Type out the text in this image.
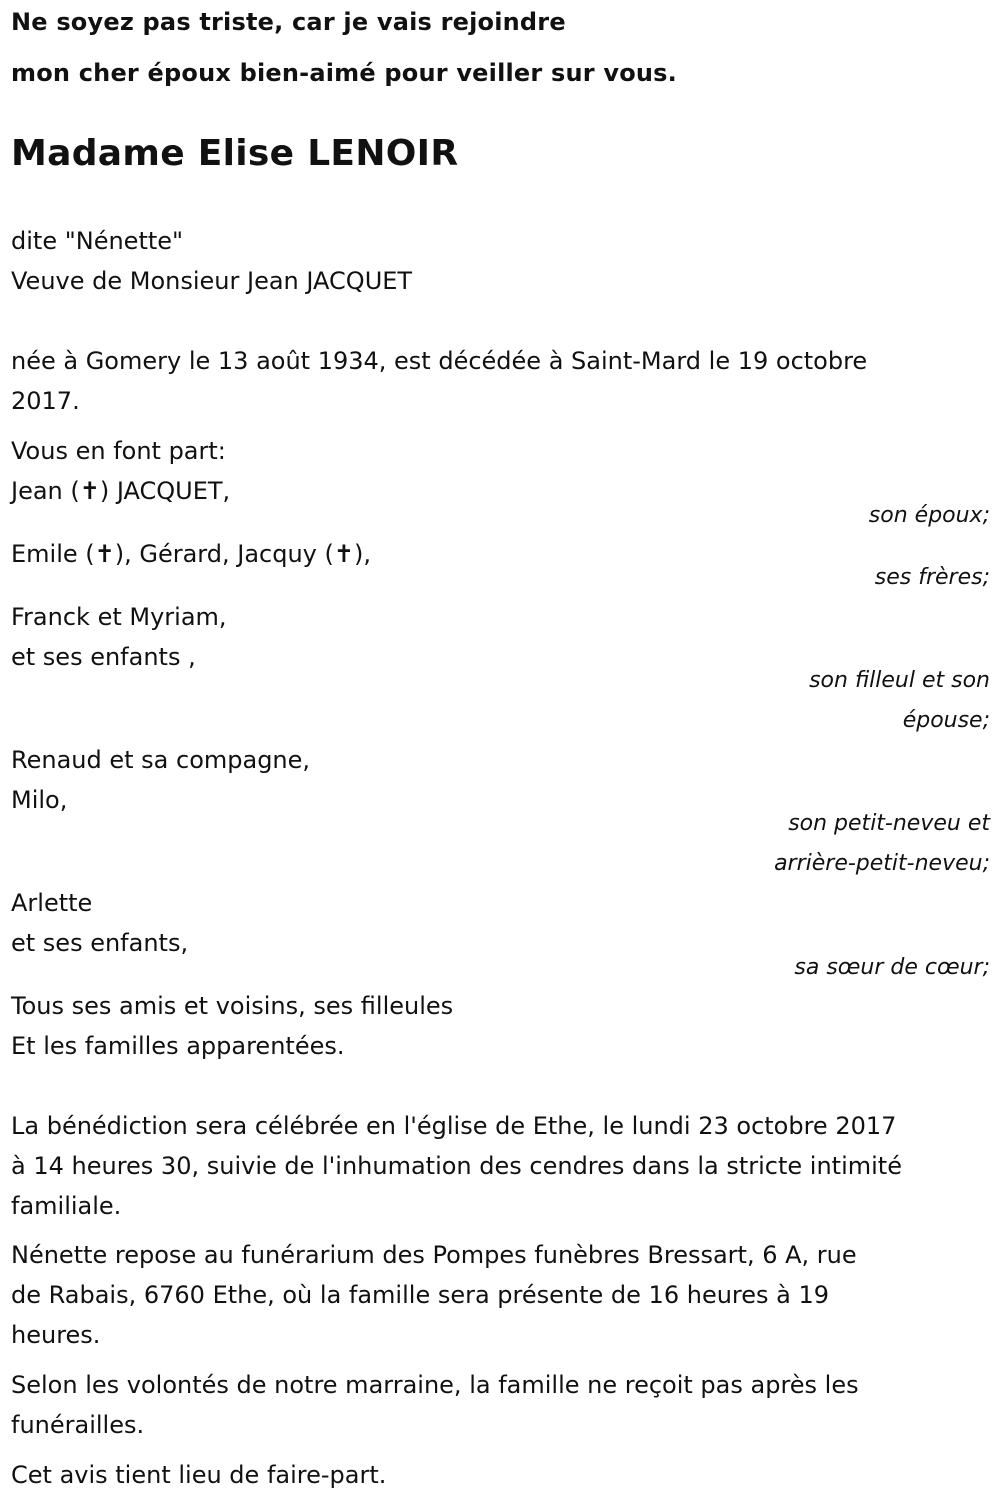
Ne soyez pas triste, car je vais rejoindre
mon cher époux bien-aimé pour veiller sur vous.
Madame Elise LENOIR
dite "Nénette"
Veuve de Monsieur Jean JACQUET
née à Gomery le 13 août 1934, est décédée à Saint-Mard le 19 octobre
2017.
Vous en font part:
Jean (✝) JACQUET,
son époux;
Emile (✝), Gérard, Jacquy (✝),
ses frères;
Franck et Myriam,
et ses enfants ,
son filleul et son
épouse;
Renaud et sa compagne,
Milo,
son petit-neveu et
arrière-petit-neveu;
Arlette
et ses enfants,
sa sœur de cœur;
Tous ses amis et voisins, ses filleules
Et les familles apparentées.
La bénédiction sera célébrée en l'église de Ethe, le lundi 23 octobre 2017
à 14 heures 30, suivie de l'inhumation des cendres dans la stricte intimité
familiale.
Nénette repose au funérarium des Pompes funèbres Bressart, 6 A, rue
de Rabais, 6760 Ethe, où la famille sera présente de 16 heures à 19
heures.
Selon les volontés de notre marraine, la famille ne reçoit pas après les
funérailles.
Cet avis tient lieu de faire-part.
